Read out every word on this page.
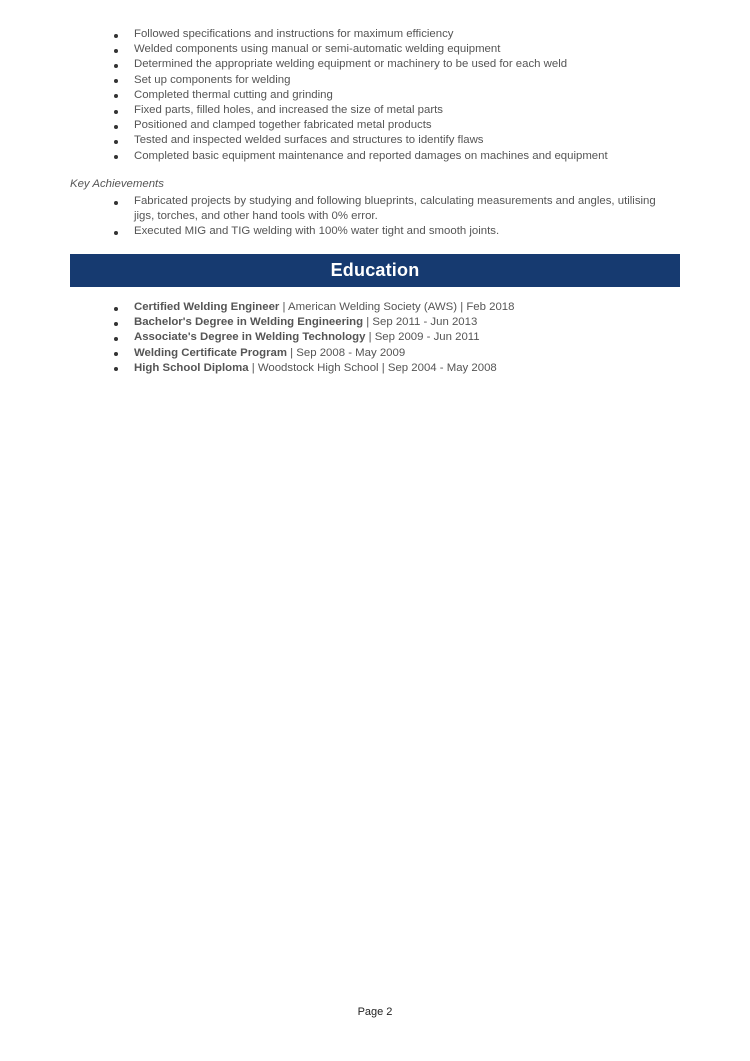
Followed specifications and instructions for maximum efficiency
Welded components using manual or semi-automatic welding equipment
Determined the appropriate welding equipment or machinery to be used for each weld
Set up components for welding
Completed thermal cutting and grinding
Fixed parts, filled holes, and increased the size of metal parts
Positioned and clamped together fabricated metal products
Tested and inspected welded surfaces and structures to identify flaws
Completed basic equipment maintenance and reported damages on machines and equipment
Key Achievements
Fabricated projects by studying and following blueprints, calculating measurements and angles, utilising jigs, torches, and other hand tools with 0% error.
Executed MIG and TIG welding with 100% water tight and smooth joints.
Education
Certified Welding Engineer | American Welding Society (AWS) | Feb 2018
Bachelor's Degree in Welding Engineering | Sep 2011 - Jun 2013
Associate's Degree in Welding Technology | Sep 2009 - Jun 2011
Welding Certificate Program | Sep 2008 - May 2009
High School Diploma | Woodstock High School | Sep 2004 - May 2008
Page 2
